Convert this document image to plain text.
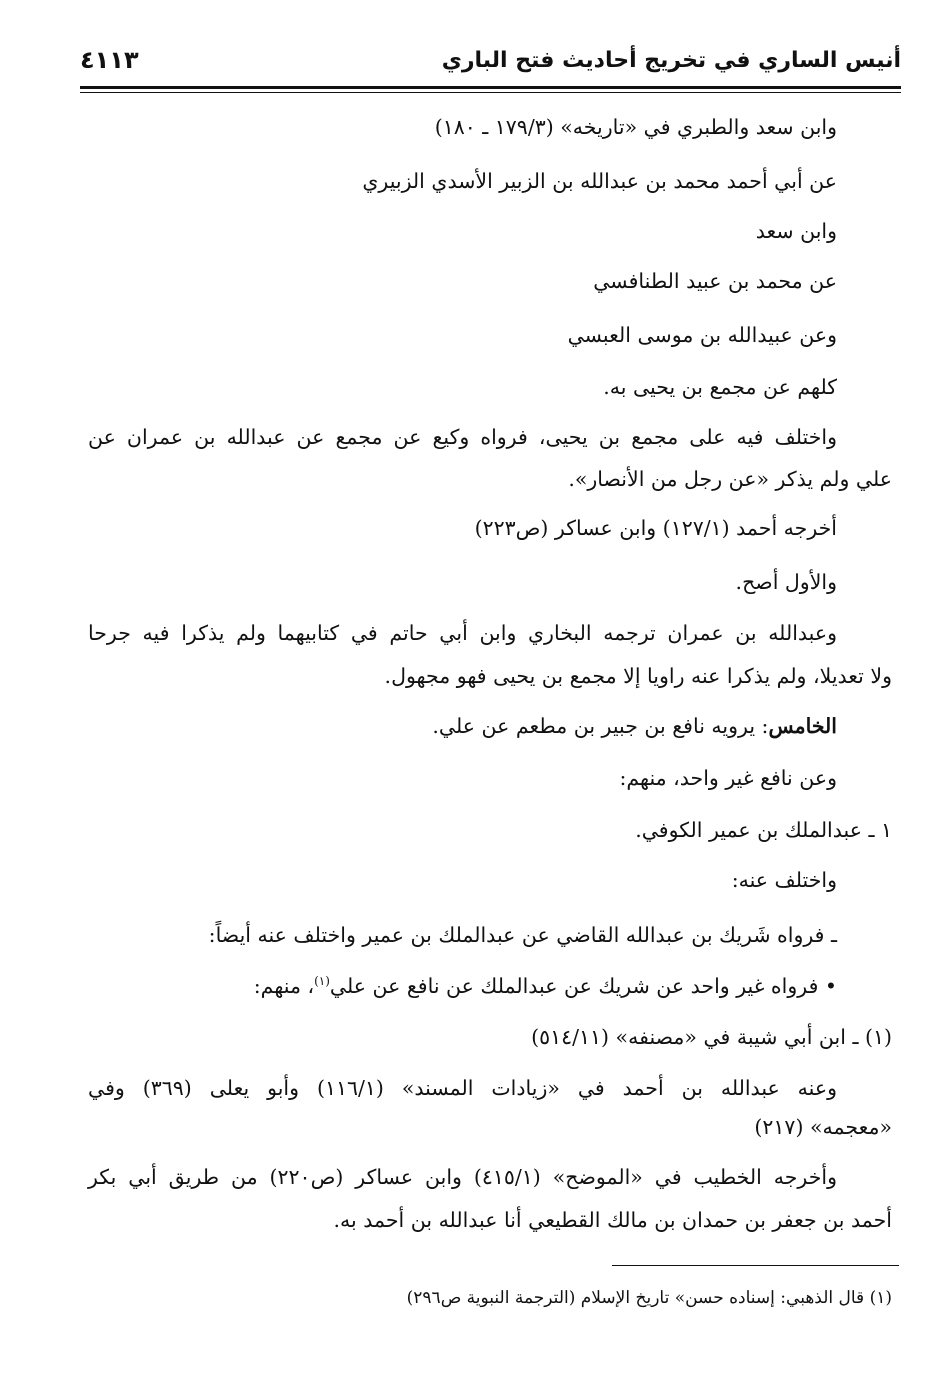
أنيس الساري في تخريج أحاديث فتح الباري
٤١١٣
وابن سعد والطبري في «تاريخه» (١٧٩/٣ ـ ١٨٠)
عن أبي أحمد محمد بن عبدالله بن الزبير الأسدي الزبيري
وابن سعد
عن محمد بن عبيد الطنافسي
وعن عبيدالله بن موسى العبسي
كلهم عن مجمع بن يحيى به.
واختلف فيه على مجمع بن يحيى، فرواه وكيع عن مجمع عن عبدالله بن عمران عن
علي ولم يذكر «عن رجل من الأنصار».
أخرجه أحمد (١٢٧/١) وابن عساكر (ص٢٢٣)
والأول أصح.
وعبدالله بن عمران ترجمه البخاري وابن أبي حاتم في كتابيهما ولم يذكرا فيه جرحا
ولا تعديلا، ولم يذكرا عنه راويا إلا مجمع بن يحيى فهو مجهول.
الخامس: يرويه نافع بن جبير بن مطعم عن علي.
وعن نافع غير واحد، منهم:
١ ـ عبدالملك بن عمير الكوفي.
واختلف عنه:
ـ فرواه شَريك بن عبدالله القاضي عن عبدالملك بن عمير واختلف عنه أيضاً:
• فرواه غير واحد عن شريك عن عبدالملك عن نافع عن علي$^{(١)}$، منهم:
(١) ـ ابن أبي شيبة في «مصنفه» (٥١٤/١١)
وعنه عبدالله بن أحمد في «زيادات المسند» (١١٦/١) وأبو يعلى (٣٦٩) وفي
«معجمه» (٢١٧)
وأخرجه الخطيب في «الموضح» (٤١٥/١) وابن عساكر (ص٢٢٠) من طريق أبي بكر
أحمد بن جعفر بن حمدان بن مالك القطيعي أنا عبدالله بن أحمد به.
(١) قال الذهبي: إسناده حسن» تاريخ الإسلام (الترجمة النبوية ص٢٩٦)
